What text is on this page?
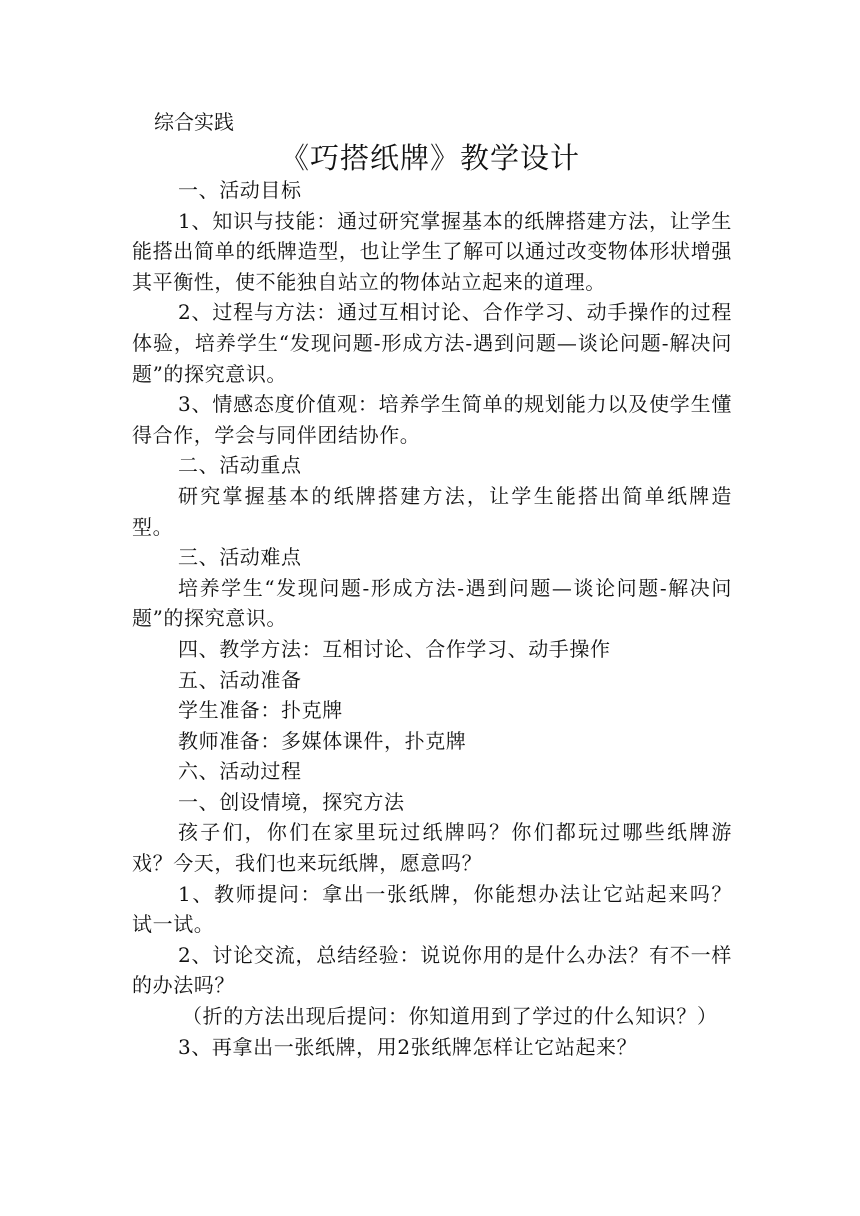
综合实践
《巧搭纸牌》教学设计

一、活动目标

1、知识与技能：通过研究掌握基本的纸牌搭建方法，让学生能搭出简单的纸牌造型，也让学生了解可以通过改变物体形状增强其平衡性，使不能独自站立的物体站立起来的道理。

2、过程与方法：通过互相讨论、合作学习、动手操作的过程体验，培养学生“发现问题-形成方法-遇到问题—谈论问题-解决问题”的探究意识。

3、情感态度价值观：培养学生简单的规划能力以及使学生懂得合作，学会与同伴团结协作。

二、活动重点

研究掌握基本的纸牌搭建方法，让学生能搭出简单纸牌造型。

三、活动难点

培养学生“发现问题-形成方法-遇到问题—谈论问题-解决问题”的探究意识。

四、教学方法：互相讨论、合作学习、动手操作

五、活动准备

学生准备：扑克牌

教师准备：多媒体课件，扑克牌

六、活动过程

一、创设情境，探究方法

孩子们，你们在家里玩过纸牌吗？你们都玩过哪些纸牌游戏？今天，我们也来玩纸牌，愿意吗？

1、教师提问：拿出一张纸牌，你能想办法让它站起来吗？ 试一试。

2、讨论交流，总结经验：说说你用的是什么办法？有不一样的办法吗？

（折的方法出现后提问：你知道用到了学过的什么知识？）

3、再拿出一张纸牌，用2张纸牌怎样让它站起来？
